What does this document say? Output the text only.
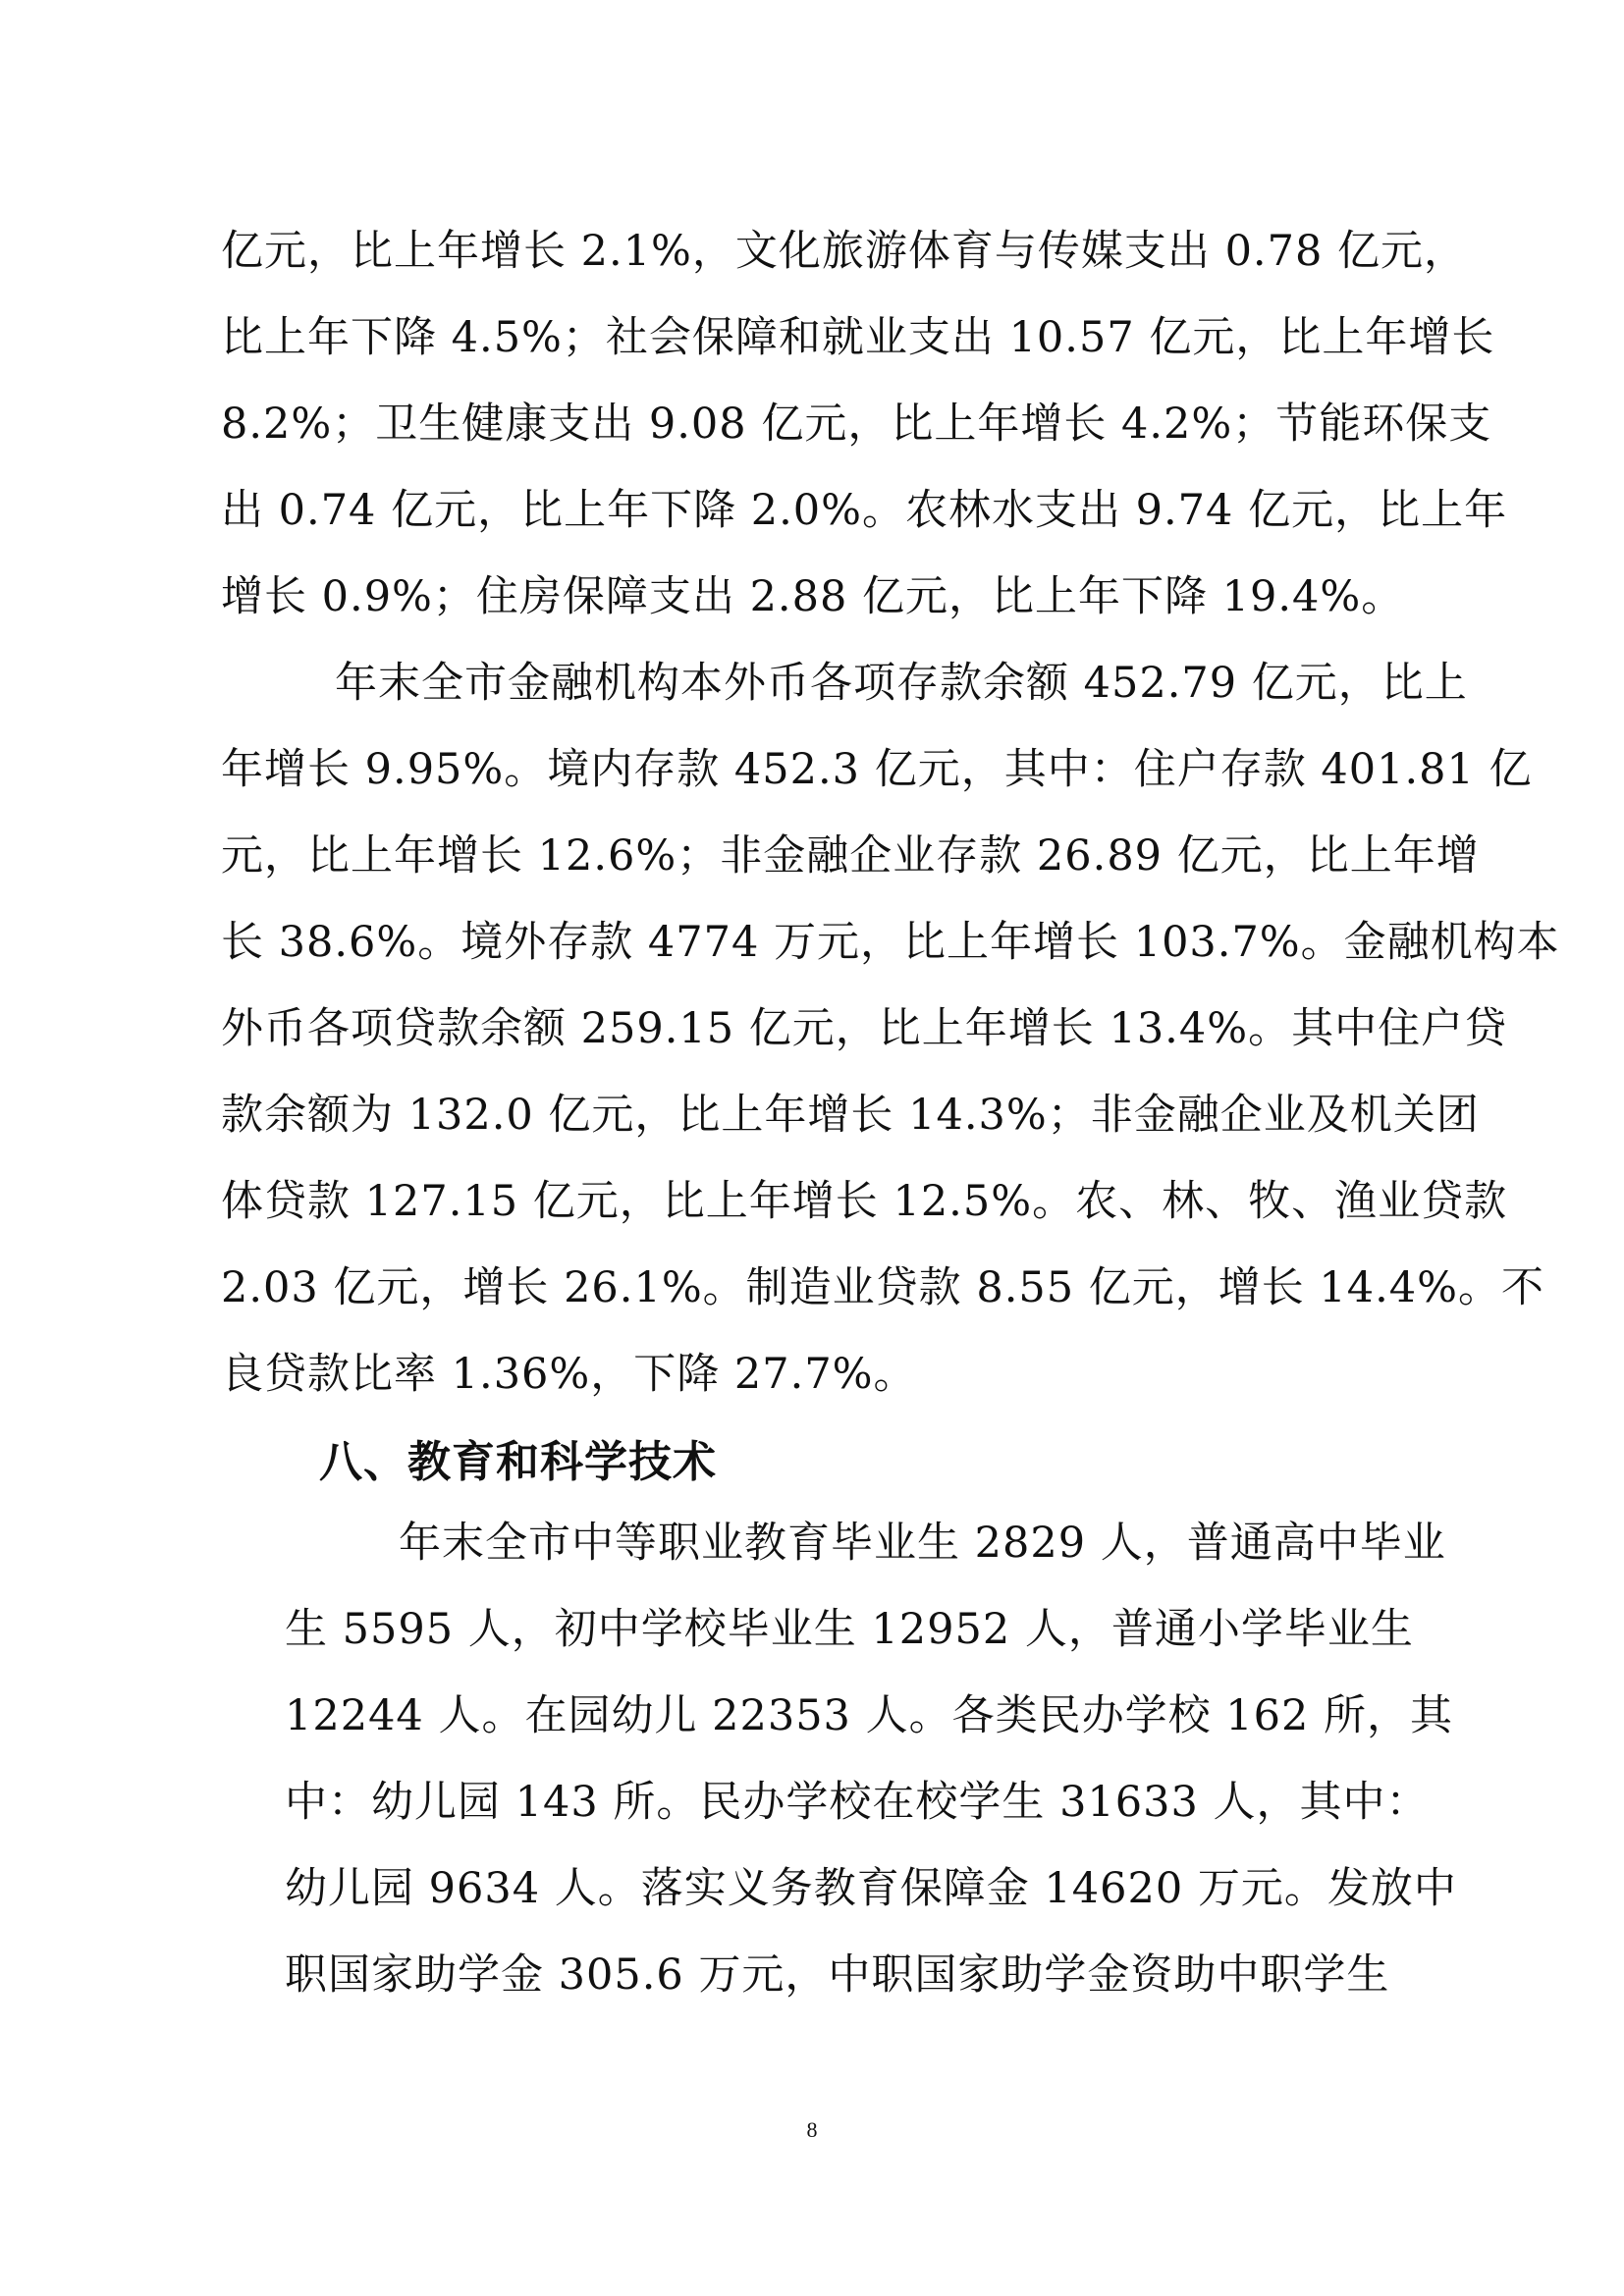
亿元，比上年增长 2.1%，文化旅游体育与传媒支出 0.78 亿元，
比上年下降 4.5%；社会保障和就业支出 10.57 亿元，比上年增长
8.2%；卫生健康支出 9.08 亿元，比上年增长 4.2%；节能环保支
出 0.74 亿元，比上年下降 2.0%。农林水支出 9.74 亿元，比上年
增长 0.9%；住房保障支出 2.88 亿元，比上年下降 19.4%。
年末全市金融机构本外币各项存款余额 452.79 亿元，比上
年增长 9.95%。境内存款 452.3 亿元，其中：住户存款 401.81 亿
元，比上年增长 12.6%；非金融企业存款 26.89 亿元，比上年增
长 38.6%。境外存款 4774 万元，比上年增长 103.7%。金融机构本
外币各项贷款余额 259.15 亿元，比上年增长 13.4%。其中住户贷
款余额为 132.0 亿元，比上年增长 14.3%；非金融企业及机关团
体贷款 127.15 亿元，比上年增长 12.5%。农、林、牧、渔业贷款
2.03 亿元，增长 26.1%。制造业贷款 8.55 亿元，增长 14.4%。不
良贷款比率 1.36%，下降 27.7%。
八、教育和科学技术
年末全市中等职业教育毕业生 2829 人，普通高中毕业
生 5595 人，初中学校毕业生 12952 人，普通小学毕业生
12244 人。在园幼儿 22353 人。各类民办学校 162 所，其
中：幼儿园 143 所。民办学校在校学生 31633 人，其中：
幼儿园 9634 人。落实义务教育保障金 14620 万元。发放中
职国家助学金 305.6 万元，中职国家助学金资助中职学生
8
